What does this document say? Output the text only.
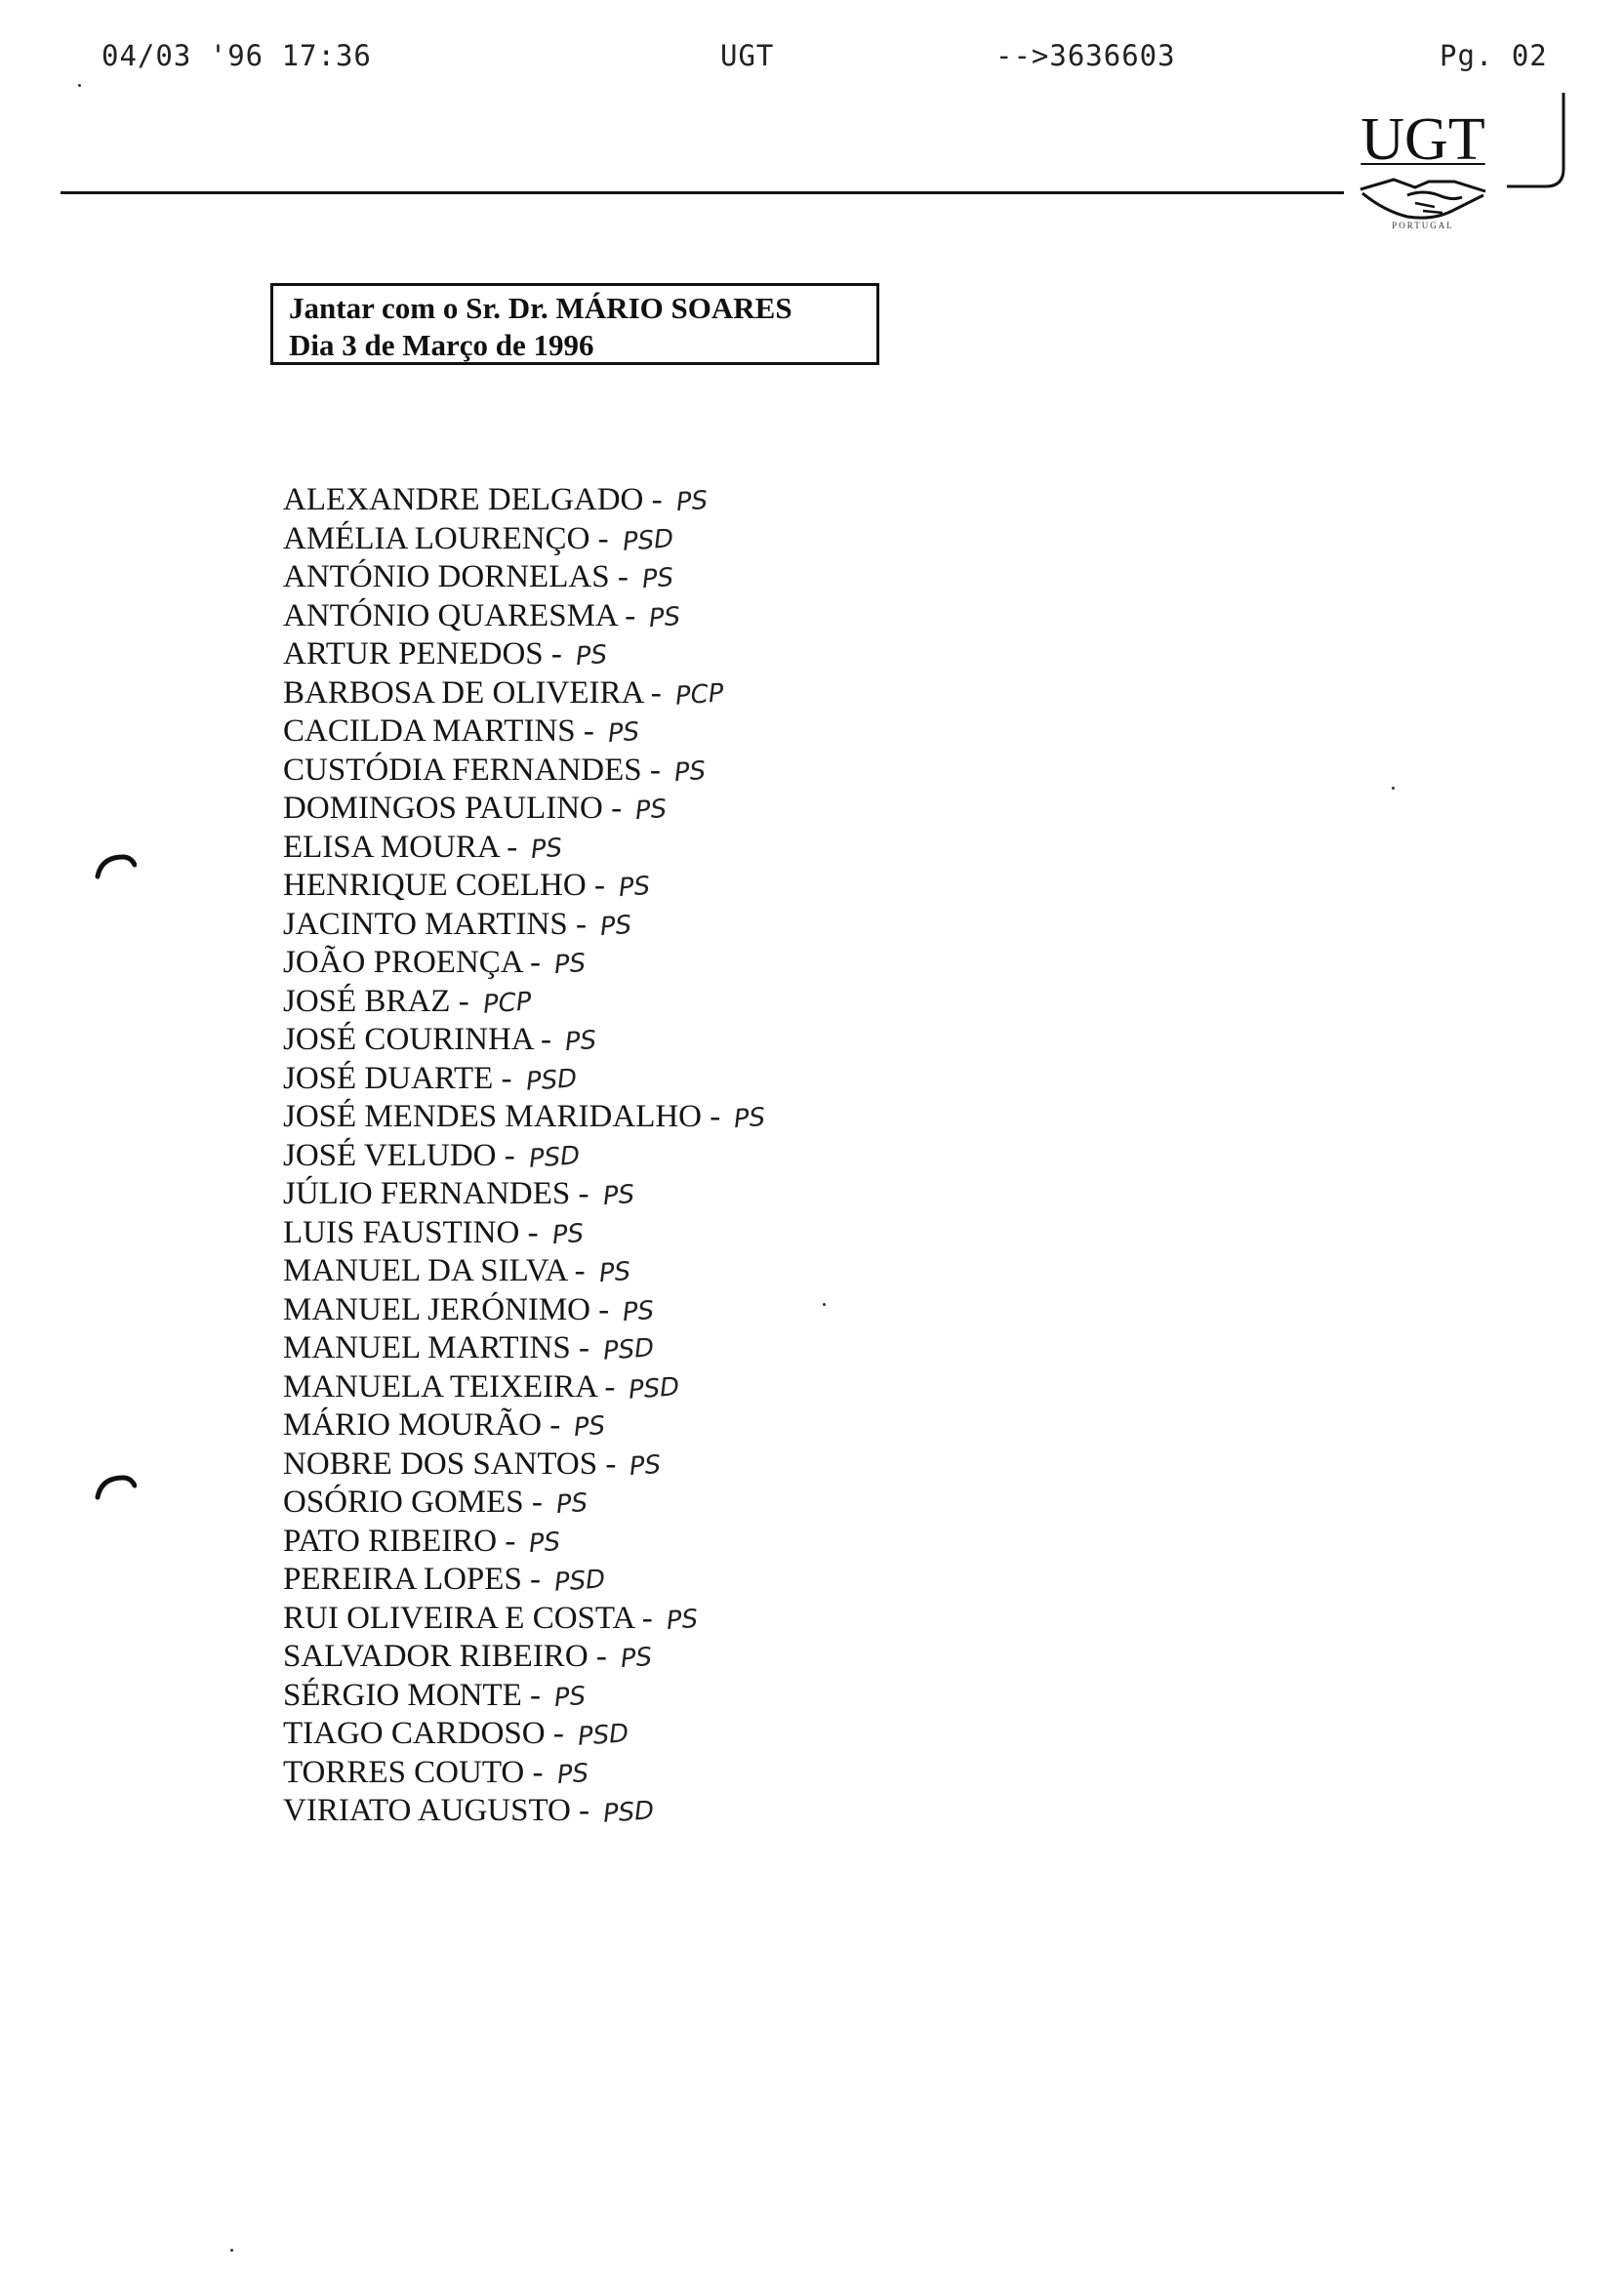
04/03 '96 17:36	UGT	-->3636603	Pg. 02
UGT
PORTUGAL
Jantar com o Sr. Dr. MÁRIO SOARES
Dia 3 de Março de 1996
ALEXANDRE DELGADO - PS
AMÉLIA LOURENÇO - PSD
ANTÓNIO DORNELAS - PS
ANTÓNIO QUARESMA - PS
ARTUR PENEDOS - PS
BARBOSA DE OLIVEIRA - PCP
CACILDA MARTINS - PS
CUSTÓDIA FERNANDES - PS
DOMINGOS PAULINO - PS
ELISA MOURA - PS
HENRIQUE COELHO - PS
JACINTO MARTINS - PS
JOÃO PROENÇA - PS
JOSÉ BRAZ - PCP
JOSÉ COURINHA - PS
JOSÉ DUARTE - PSD
JOSÉ MENDES MARIDALHO - PS
JOSÉ VELUDO - PSD
JÚLIO FERNANDES - PS
LUIS FAUSTINO - PS
MANUEL DA SILVA - PS
MANUEL JERÓNIMO - PS
MANUEL MARTINS - PSD
MANUELA TEIXEIRA - PSD
MÁRIO MOURÃO - PS
NOBRE DOS SANTOS - PS
OSÓRIO GOMES - PS
PATO RIBEIRO - PS
PEREIRA LOPES - PSD
RUI OLIVEIRA E COSTA - PS
SALVADOR RIBEIRO - PS
SÉRGIO MONTE - PS
TIAGO CARDOSO - PSD
TORRES COUTO - PS
VIRIATO AUGUSTO - PSD
